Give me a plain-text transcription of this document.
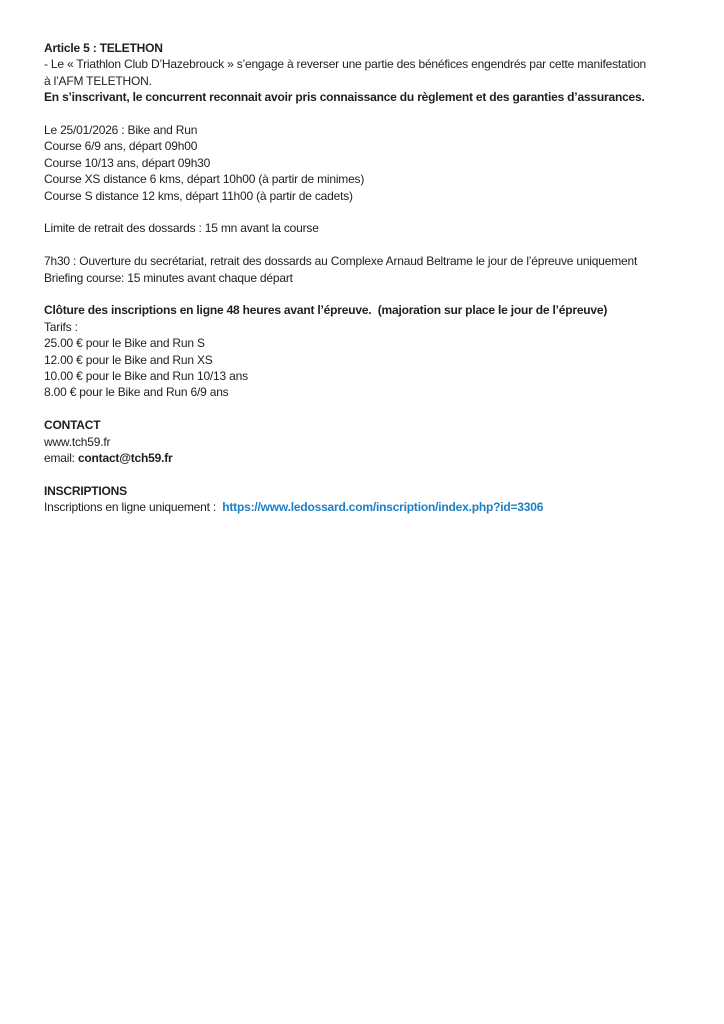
Article 5 : TELETHON
- Le « Triathlon Club D’Hazebrouck » s’engage à reverser une partie des bénéfices engendrés par cette manifestation
à l’AFM TELETHON.
En s’inscrivant, le concurrent reconnait avoir pris connaissance du règlement et des garanties d’assurances.
Le 25/01/2026 : Bike and Run
Course 6/9 ans, départ 09h00
Course 10/13 ans, départ 09h30
Course XS distance 6 kms, départ 10h00 (à partir de minimes)
Course S distance 12 kms, départ 11h00 (à partir de cadets)
Limite de retrait des dossards : 15 mn avant la course
7h30 : Ouverture du secrétariat, retrait des dossards au Complexe Arnaud Beltrame le jour de l’épreuve uniquement
Briefing course: 15 minutes avant chaque départ
Clôture des inscriptions en ligne 48 heures avant l’épreuve.  (majoration sur place le jour de l’épreuve)
Tarifs :
25.00 € pour le Bike and Run S
12.00 € pour le Bike and Run XS
10.00 € pour le Bike and Run 10/13 ans
8.00 € pour le Bike and Run 6/9 ans
CONTACT
www.tch59.fr
email: contact@tch59.fr
INSCRIPTIONS
Inscriptions en ligne uniquement :  https://www.ledossard.com/inscription/index.php?id=3306
